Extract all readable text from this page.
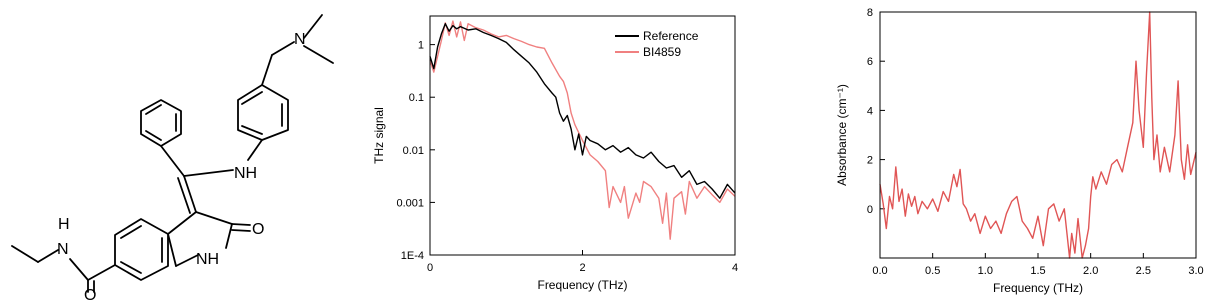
N
NH
O
NH
H
N
O
1E-4
0.001
0.01
0.1
1
0	2	4
Frequency (THz)
THz signal
Reference
BI4859
0
2
4
6
8
0.0	0.5	1.0	1.5	2.0	2.5	3.0
Frequency (THz)
Absorbance (cm⁻¹)
